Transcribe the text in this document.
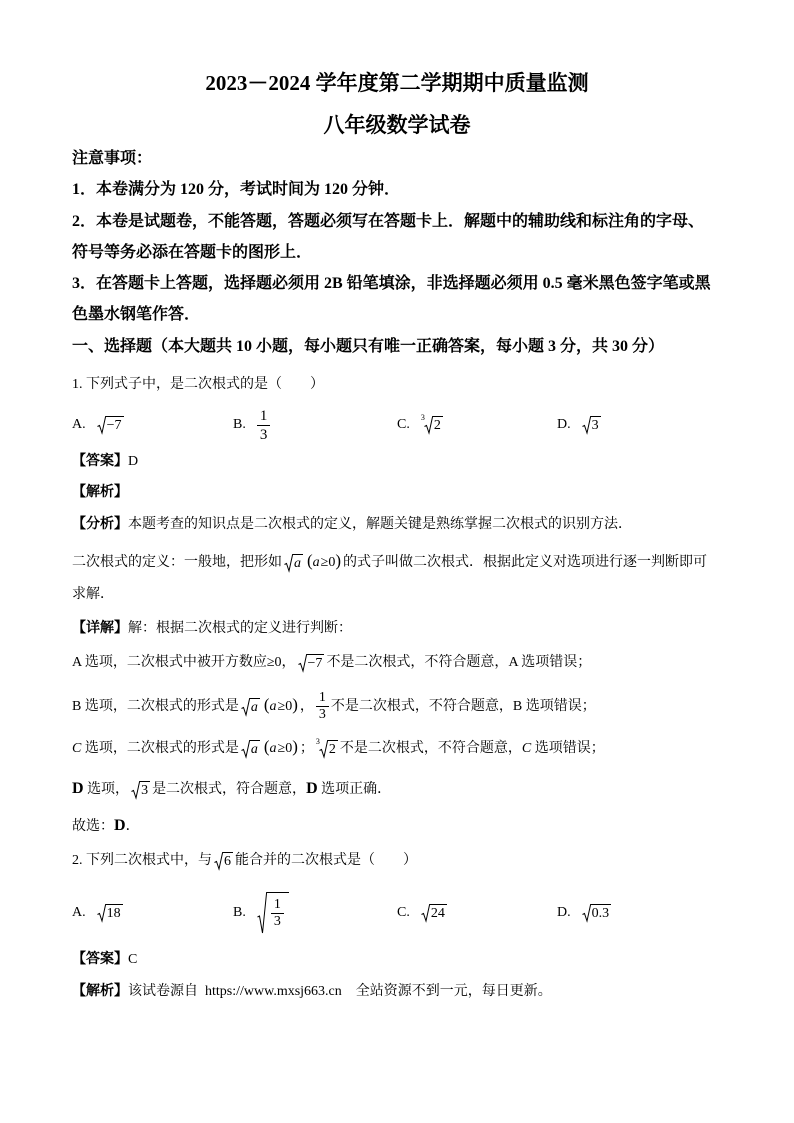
2023－2024 学年度第二学期期中质量监测
八年级数学试卷
注意事项：
1．本卷满分为 120 分，考试时间为 120 分钟．
2．本卷是试题卷，不能答题，答题必须写在答题卡上．解题中的辅助线和标注角的字母、
符号等务必添在答题卡的图形上．
3．在答题卡上答题，选择题必须用 2B 铅笔填涂，非选择题必须用 0.5 毫米黑色签字笔或黑
色墨水钢笔作答．
一、选择题（本大题共 10 小题，每小题只有唯一正确答案，每小题 3 分，共 30 分）
1. 下列式子中，是二次根式的是（　　）
A. −7	B. $\frac{1}{3}$	C. 3
2	D. 3
【答案】D
【解析】
【分析】本题考查的知识点是二次根式的定义，解题关键是熟练掌握二次根式的识别方法．
二次根式的定义：一般地，把形如 a (a≥0) 的式子叫做二次根式．根据此定义对选项进行逐一判断即可
求解．
【详解】解：根据二次根式的定义进行判断：
A 选项，二次根式中被开方数应≥0， −7 不是二次根式，不符合题意，A 选项错误；
B 选项，二次根式的形式是 a (a≥0) ， $\frac{1}{3}$ 不是二次根式，不符合题意，B 选项错误；
C 选项，二次根式的形式是 a (a≥0) ； 3
2 不是二次根式，不符合题意，C 选项错误；
D 选项， 3 是二次根式，符合题意，D 选项正确．
故选：D．
2. 下列二次根式中，与 6 能合并的二次根式是（　　）
A. 18	B. $\frac{1}{3}$	C. 24	D. 0.3
【答案】C
【解析】该试卷源自 https://www.mxsj663.cn 全站资源不到一元，每日更新。
